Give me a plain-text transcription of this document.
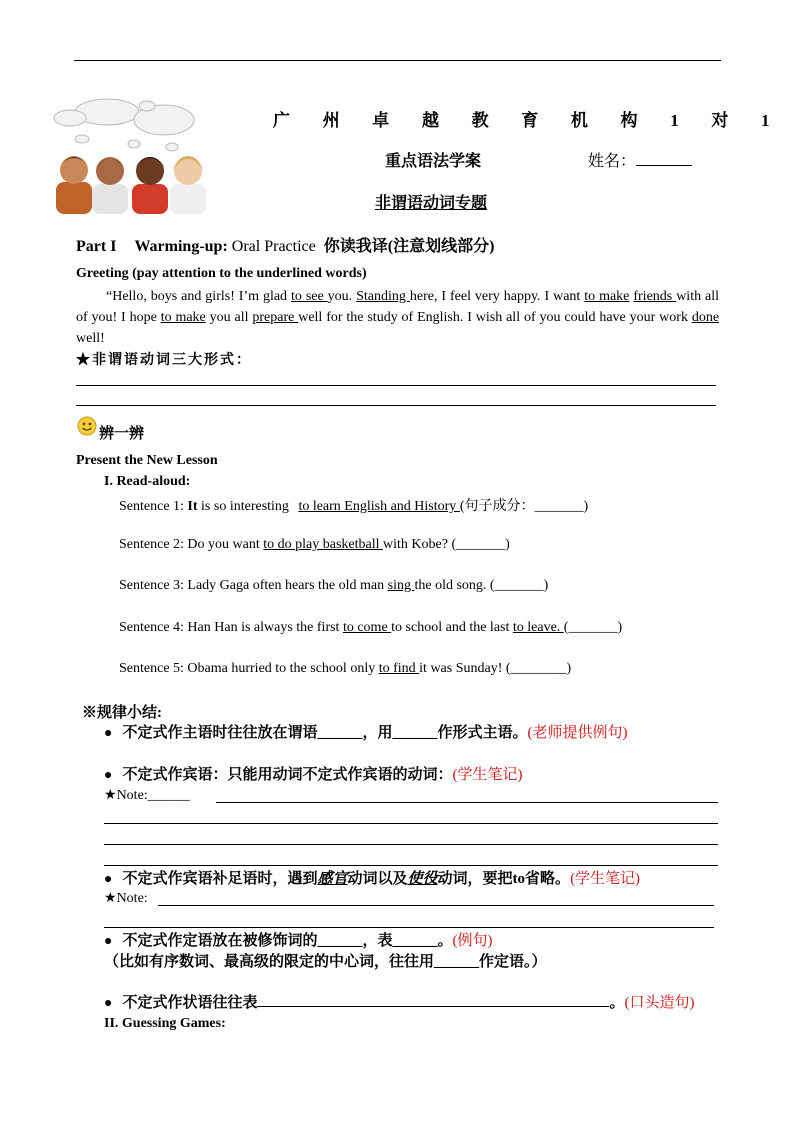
广 州 卓 越 教 育 机 构 1 对 1
重点语法学案	姓名：
非谓语动词专题
Part I Warming-up: Oral Practice 你读我译(注意划线部分)
Greeting (pay attention to the underlined words)
“Hello, boys and girls! I’m glad to see you. Standing here, I feel very happy. I want to make friends with all of you! I hope to make you all prepare well for the study of English. I wish all of you could have your work done well!
★非谓语动词三大形式：
辨一辨
Present the New Lesson
I. Read-aloud:
Sentence 1: It is so interesting to learn English and History (句子成分：_______)
Sentence 2: Do you want to do play basketball with Kobe? (_______)
Sentence 3: Lady Gaga often hears the old man sing the old song. (_______)
Sentence 4: Han Han is always the first to come to school and the last to leave. (_______)
Sentence 5: Obama hurried to the school only to find it was Sunday! (________)
※规律小结:
● 不定式作主语时往往放在谓语______，用______作形式主语。(老师提供例句)
● 不定式作宾语：只能用动词不定式作宾语的动词：(学生笔记)
★Note:______
● 不定式作宾语补足语时，遇到感官动词以及使役动词，要把to省略。(学生笔记)
★Note:
● 不定式作定语放在被修饰词的______，表______。(例句)
（比如有序数词、最高级的限定的中心词，往往用______作定语。）
● 不定式作状语往往表	。(口头造句)
II. Guessing Games:
